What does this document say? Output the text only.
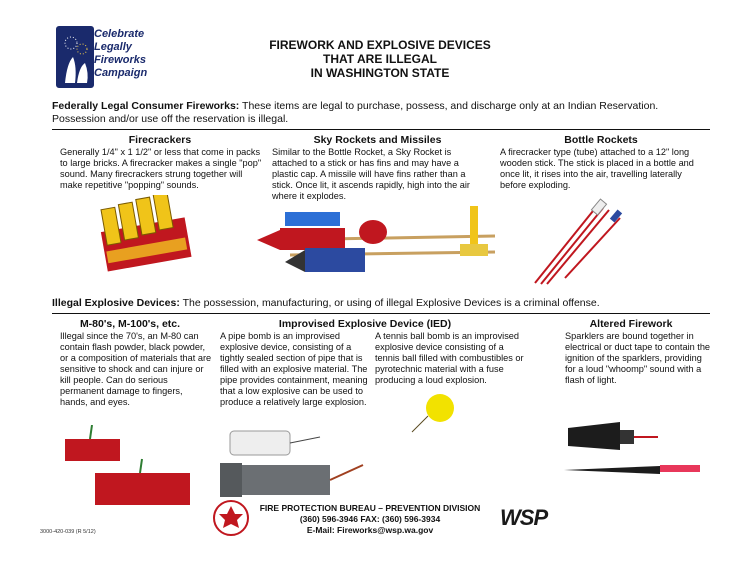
Celebrate
Legally
Fireworks
Campaign
FIREWORK AND EXPLOSIVE DEVICES
THAT ARE ILLEGAL
IN WASHINGTON STATE
Federally Legal Consumer Fireworks: These items are legal to purchase, possess, and discharge only at an Indian Reservation. Possession and/or use off the reservation is illegal.
Firecrackers
Generally 1/4" x 1 1/2" or less that come in packs to large bricks. A firecracker makes a single "pop" sound. Many firecrackers strung together will make repetitive "popping" sounds.
Sky Rockets and Missiles
Similar to the Bottle Rocket, a Sky Rocket is attached to a stick or has fins and may have a plastic cap. A missile will have fins rather than a stick. Once lit, it ascends rapidly, high into the air where it explodes.
Bottle Rockets
A firecracker type (tube) attached to a 12" long wooden stick. The stick is placed in a bottle and once lit, it rises into the air, travelling laterally before exploding.
Illegal Explosive Devices: The possession, manufacturing, or using of illegal Explosive Devices is a criminal offense.
M-80's, M-100's, etc.
Illegal since the 70's, an M-80 can contain flash powder, black powder, or a composition of materials that are sensitive to shock and can injure or kill people. Can do serious permanent damage to fingers, hands, and eyes.
Improvised Explosive Device (IED)
A pipe bomb is an improvised explosive device, consisting of a tightly sealed section of pipe that is filled with an explosive material. The pipe provides containment, meaning that a low explosive can be used to produce a relatively large explosion.
A tennis ball bomb is an improvised explosive device consisting of a tennis ball filled with combustibles or pyrotechnic material with a fuse producing a loud explosion.
Altered Firework
Sparklers are bound together in electrical or duct tape to contain the ignition of the sparklers, providing for a loud "whoomp" sound with a flash of light.
FIRE PROTECTION BUREAU – PREVENTION DIVISION
(360) 596-3946 FAX: (360) 596-3934
E-Mail: Fireworks@wsp.wa.gov	WSP
3000-420-039 (R 5/12)
